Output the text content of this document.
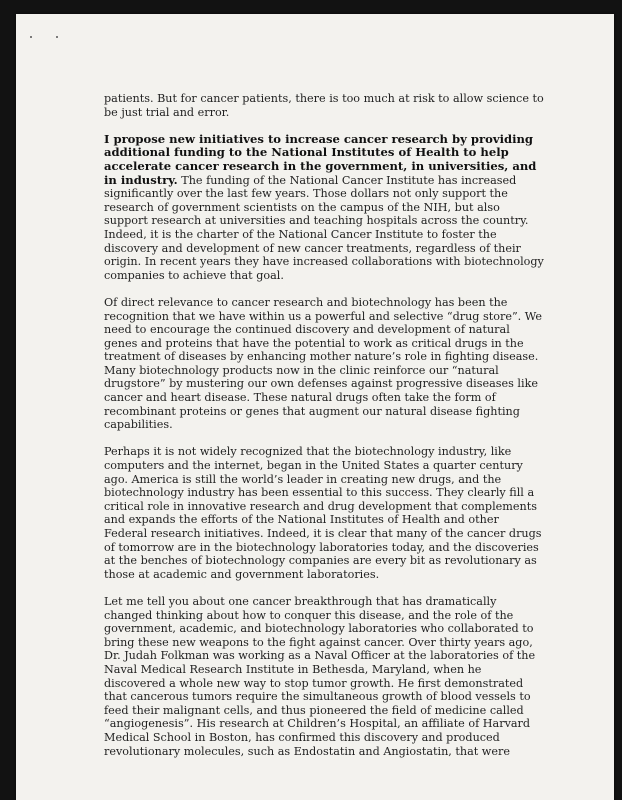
patients. But for cancer patients, there is too much at risk to allow science to be just trial and error.

I propose new initiatives to increase cancer research by providing additional funding to the National Institutes of Health to help accelerate cancer research in the government, in universities, and in industry. The funding of the National Cancer Institute has increased significantly over the last few years. Those dollars not only support the research of government scientists on the campus of the NIH, but also support research at universities and teaching hospitals across the country. Indeed, it is the charter of the National Cancer Institute to foster the discovery and development of new cancer treatments, regardless of their origin. In recent years they have increased collaborations with biotechnology companies to achieve that goal.

Of direct relevance to cancer research and biotechnology has been the recognition that we have within us a powerful and selective “drug store”. We need to encourage the continued discovery and development of natural genes and proteins that have the potential to work as critical drugs in the treatment of diseases by enhancing mother nature’s role in fighting disease. Many biotechnology products now in the clinic reinforce our “natural drugstore” by mustering our own defenses against progressive diseases like cancer and heart disease. These natural drugs often take the form of recombinant proteins or genes that augment our natural disease fighting capabilities.

Perhaps it is not widely recognized that the biotechnology industry, like computers and the internet, began in the United States a quarter century ago. America is still the world’s leader in creating new drugs, and the biotechnology industry has been essential to this success. They clearly fill a critical role in innovative research and drug development that complements and expands the efforts of the National Institutes of Health and other Federal research initiatives. Indeed, it is clear that many of the cancer drugs of tomorrow are in the biotechnology laboratories today, and the discoveries at the benches of biotechnology companies are every bit as revolutionary as those at academic and government laboratories.

Let me tell you about one cancer breakthrough that has dramatically changed thinking about how to conquer this disease, and the role of the government, academic, and biotechnology laboratories who collaborated to bring these new weapons to the fight against cancer. Over thirty years ago, Dr. Judah Folkman was working as a Naval Officer at the laboratories of the Naval Medical Research Institute in Bethesda, Maryland, when he discovered a whole new way to stop tumor growth. He first demonstrated that cancerous tumors require the simultaneous growth of blood vessels to feed their malignant cells, and thus pioneered the field of medicine called “angiogenesis”. His research at Children’s Hospital, an affiliate of Harvard Medical School in Boston, has confirmed this discovery and produced revolutionary molecules, such as Endostatin and Angiostatin, that were
